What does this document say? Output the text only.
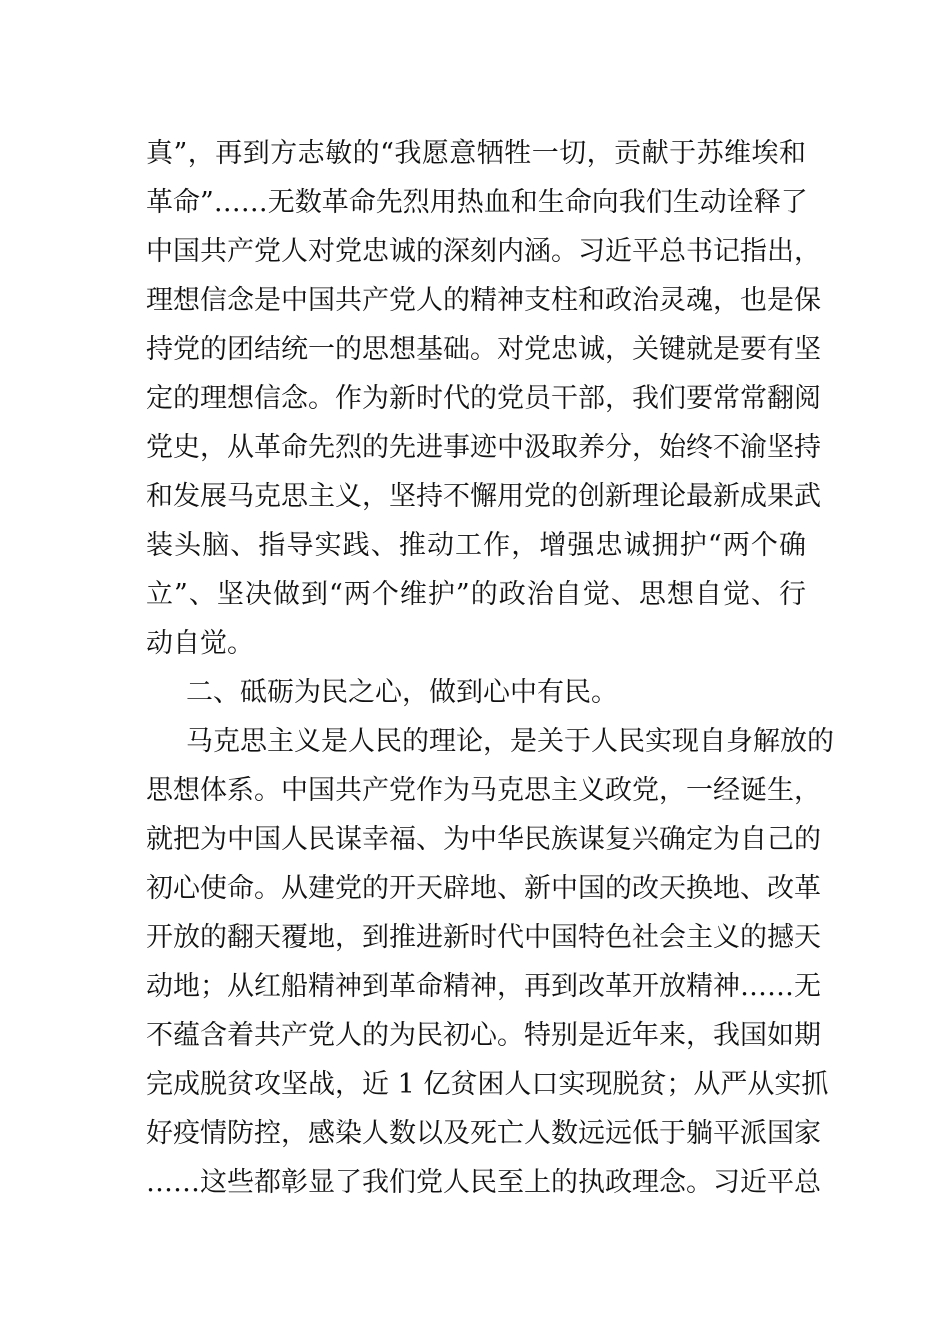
真”，再到方志敏的“我愿意牺牲一切，贡献于苏维埃和
革命”……无数革命先烈用热血和生命向我们生动诠释了
中国共产党人对党忠诚的深刻内涵。习近平总书记指出，
理想信念是中国共产党人的精神支柱和政治灵魂，也是保
持党的团结统一的思想基础。对党忠诚，关键就是要有坚
定的理想信念。作为新时代的党员干部，我们要常常翻阅
党史，从革命先烈的先进事迹中汲取养分，始终不渝坚持
和发展马克思主义，坚持不懈用党的创新理论最新成果武
装头脑、指导实践、推动工作，增强忠诚拥护“两个确
立”、坚决做到“两个维护”的政治自觉、思想自觉、行
动自觉。
二、砥砺为民之心，做到心中有民。
马克思主义是人民的理论，是关于人民实现自身解放的
思想体系。中国共产党作为马克思主义政党，一经诞生，
就把为中国人民谋幸福、为中华民族谋复兴确定为自己的
初心使命。从建党的开天辟地、新中国的改天换地、改革
开放的翻天覆地，到推进新时代中国特色社会主义的撼天
动地；从红船精神到革命精神，再到改革开放精神……无
不蕴含着共产党人的为民初心。特别是近年来，我国如期
完成脱贫攻坚战，近 1 亿贫困人口实现脱贫；从严从实抓
好疫情防控，感染人数以及死亡人数远远低于躺平派国家
……这些都彰显了我们党人民至上的执政理念。习近平总
